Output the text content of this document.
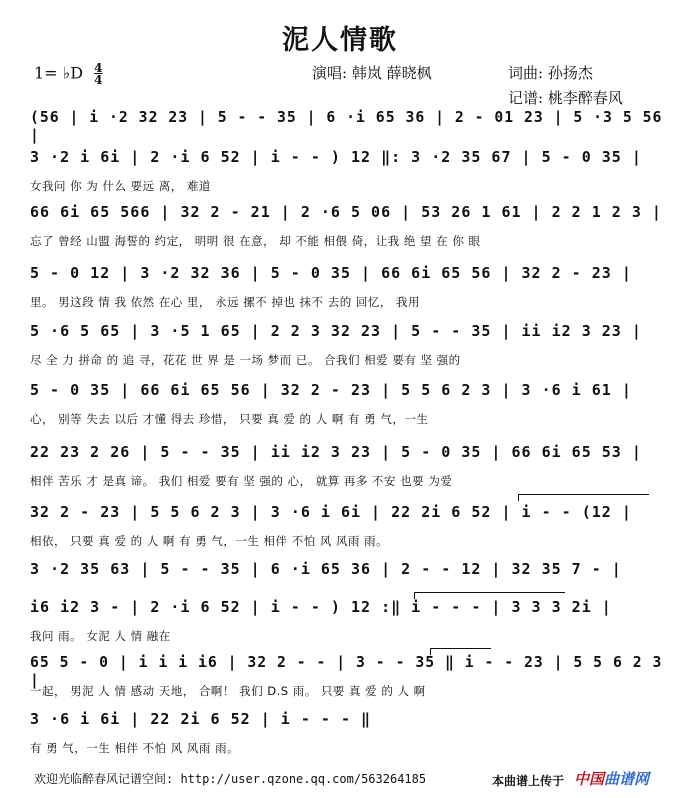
泥人情歌
1= ♭D $\frac{4}{4}$	演唱: 韩岚 薛晓枫	词曲: 孙扬杰
记谱: 桃李醉春风
(56 | i ·2 32 23 | 5 - - 35 | 6 ·i 65 36 | 2 - 01 23 | 5 ·3 5 56 |
3 ·2 i 6i | 2 ·i 6 52 | i - - ) 12 ‖: 3 ·2 35 67 | 5 - 0 35 |
女我问 你 为 什么 要远 离， 难道
66 6i 65 566 | 32 2 - 21 | 2 ·6 5 06 | 53 26 1 61 | 2 2 1 2 3 |
忘了 曾经 山盟 海誓的 约定， 明明 很 在意， 却 不能 相偎 倚，让我 绝 望 在 你 眼
5 - 0 12 | 3 ·2 32 36 | 5 - 0 35 | 66 6i 65 56 | 32 2 - 23 |
里。 男这段 情 我 依然 在心 里， 永远 摞不 掉也 抹不 去的 回忆， 我用
5 ·6 5 65 | 3 ·5 1 65 | 2 2 3 32 23 | 5 - - 35 | ii i2 3 23 |
尽 全 力 拼命 的 追 寻，花花 世 界 是 一场 梦而 已。 合我们 相爱 要有 坚 强的
5 - 0 35 | 66 6i 65 56 | 32 2 - 23 | 5 5 6 2 3 | 3 ·6 i 61 |
心， 别等 失去 以后 才懂 得去 珍惜， 只要 真 爱 的 人 啊 有 勇 气，一生
22 23 2 26 | 5 - - 35 | ii i2 3 23 | 5 - 0 35 | 66 6i 65 53 |
相伴 苦乐 才 是真 谛。 我们 相爱 要有 坚 强的 心， 就算 再多 不安 也要 为爱
32 2 - 23 | 5 5 6 2 3 | 3 ·6 i 6i | 22 2i 6 52 | i - - (12 |
相依， 只要 真 爱 的 人 啊 有 勇 气，一生 相伴 不怕 风 风雨 雨。
3 ·2 35 63 | 5 - - 35 | 6 ·i 65 36 | 2 - - 12 | 32 35 7 - |
i6 i2 3 - | 2 ·i 6 52 | i - - ) 12 :‖ i - - - | 3 3 3 2i |
我问 雨。 女泥 人 情 融在
65 5 - 0 | i i i i6 | 32 2 - - | 3 - - 35 ‖ i - - 23 | 5 5 6 2 3 |
一起， 男泥 人 情 感动 天地， 合啊！ 我们 D.S 雨。 只要 真 爱 的 人 啊
3 ·6 i 6i | 22 2i 6 52 | i - - - ‖
有 勇 气，一生 相伴 不怕 风 风雨 雨。
欢迎光临醉春风记谱空间: http://user.qzone.qq.com/563264185	本曲谱上传于 中国曲谱网
